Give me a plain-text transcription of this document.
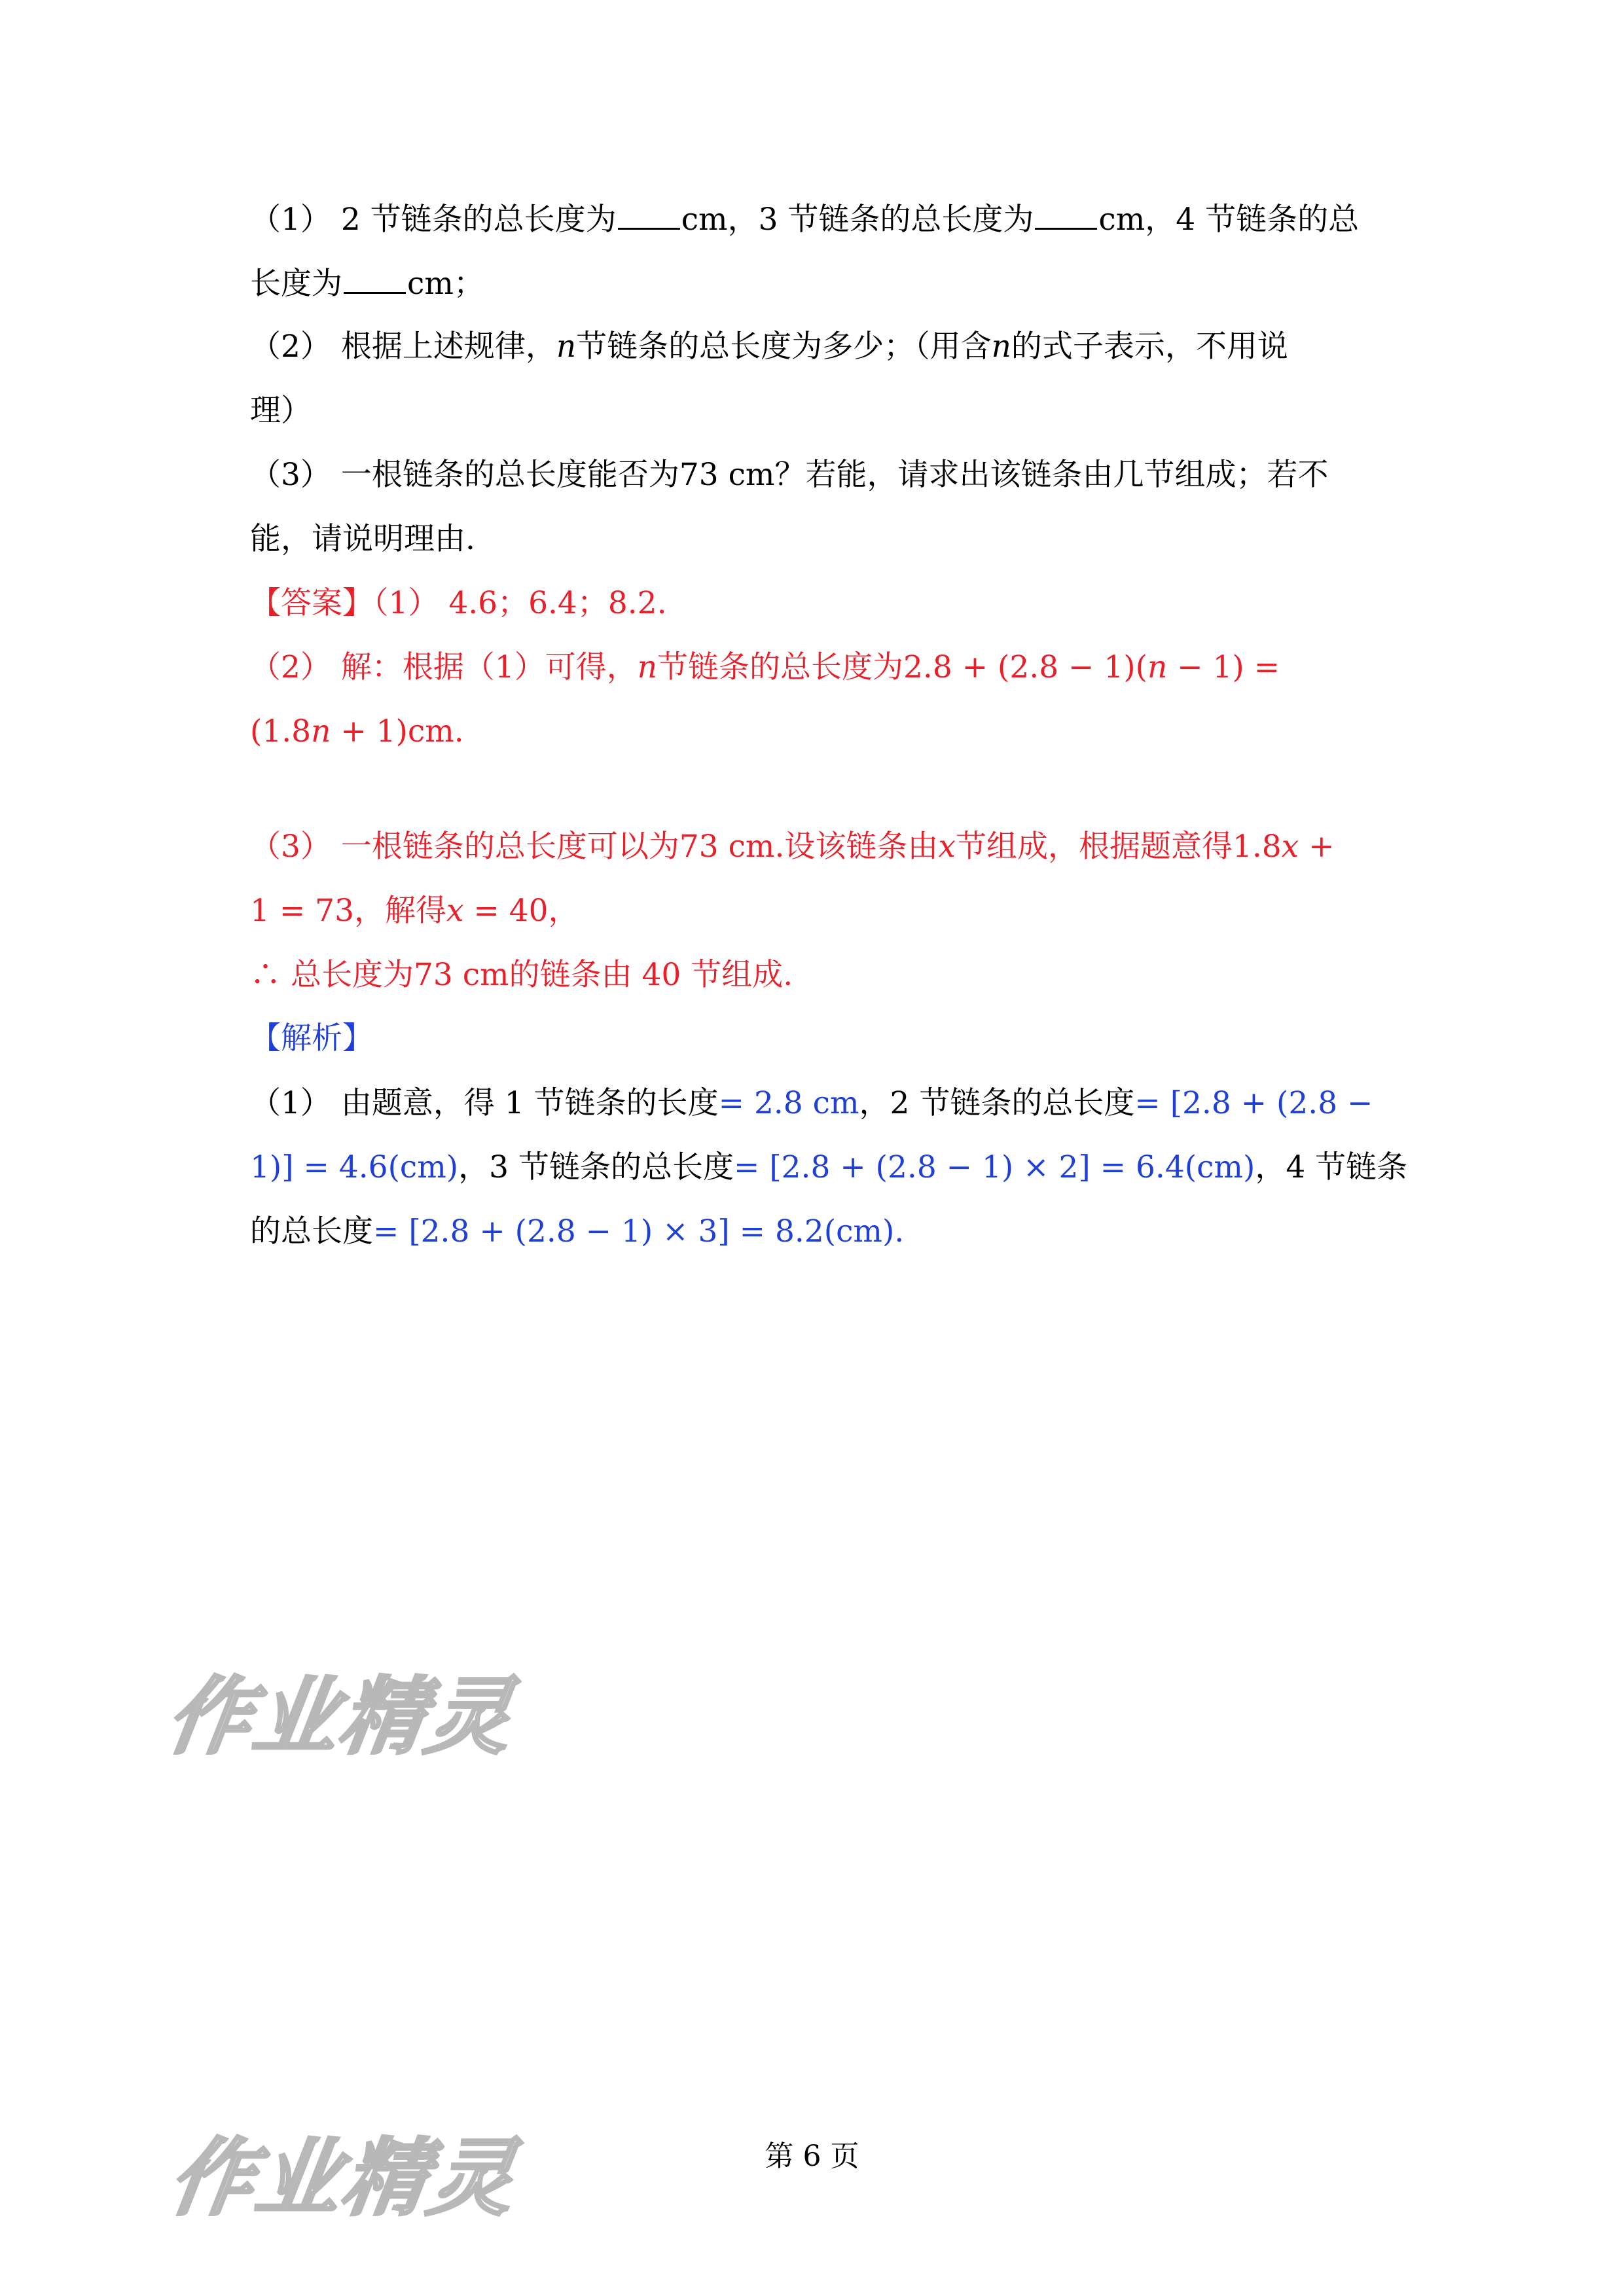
（1） 2 节链条的总长度为 cm，3 节链条的总长度为 cm，4 节链条的总
长度为 cm；
（2） 根据上述规律，n节链条的总长度为多少；（用含n的式子表示，不用说
理）
（3） 一根链条的总长度能否为73 cm？若能，请求出该链条由几节组成；若不
能，请说明理由.
【答案】（1） 4.6；6.4；8.2.
（2） 解：根据（1）可得，n节链条的总长度为2.8 + (2.8 − 1)(n − 1) =
(1.8n + 1)cm.
（3） 一根链条的总长度可以为73 cm.设该链条由x节组成，根据题意得1.8x +
1 = 73，解得x = 40，
∴ 总长度为73 cm的链条由 40 节组成.
【解析】
（1） 由题意，得 1 节链条的长度= 2.8 cm，2 节链条的总长度= [2.8 + (2.8 −
1)] = 4.6(cm)，3 节链条的总长度= [2.8 + (2.8 − 1) × 2] = 6.4(cm)，4 节链条
的总长度= [2.8 + (2.8 − 1) × 3] = 8.2(cm).
作业精灵
作业精灵	第 6 页
